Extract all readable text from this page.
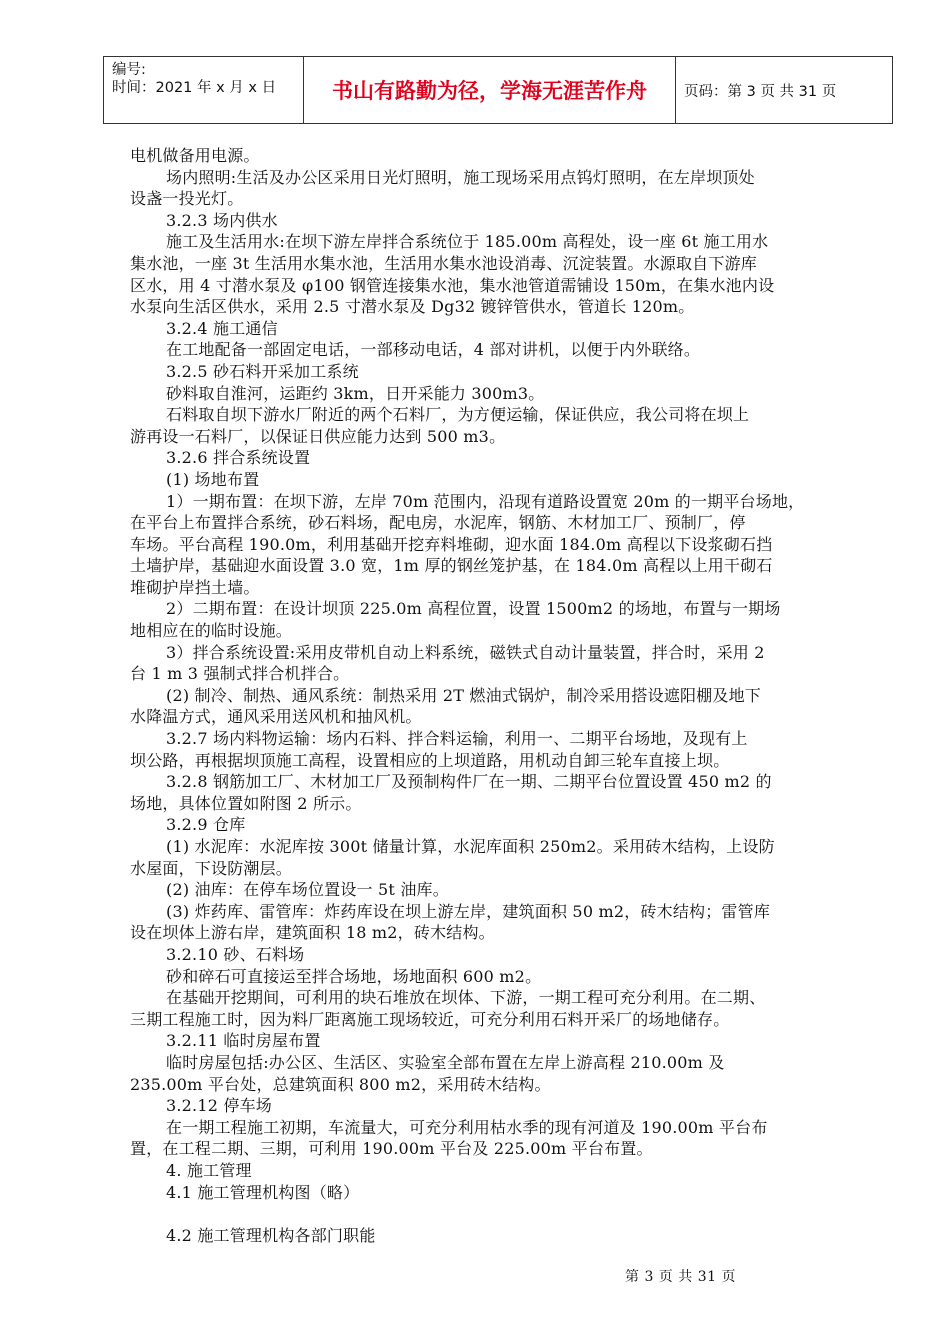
编号:
时间：2021 年 x 月 x 日	书山有路勤为径，学海无涯苦作舟	页码：第 3 页 共 31 页

电机做备用电源。

场内照明:生活及办公区采用日光灯照明，施工现场采用点钨灯照明，在左岸坝顶处

设盏一投光灯。

3.2.3 场内供水

施工及生活用水:在坝下游左岸拌合系统位于 185.00m 高程处，设一座 6t 施工用水

集水池，一座 3t 生活用水集水池，生活用水集水池设消毒、沉淀装置。水源取自下游库

区水，用 4 寸潜水泵及 φ100 钢管连接集水池，集水池管道需铺设 150m，在集水池内设

水泵向生活区供水，采用 2.5 寸潜水泵及 Dg32 镀锌管供水，管道长 120m。

3.2.4 施工通信

在工地配备一部固定电话，一部移动电话，4 部对讲机，以便于内外联络。

3.2.5 砂石料开采加工系统

砂料取自淮河，运距约 3km，日开采能力 300m3。

石料取自坝下游水厂附近的两个石料厂，为方便运输，保证供应，我公司将在坝上

游再设一石料厂，以保证日供应能力达到 500 m3。

3.2.6 拌合系统设置

(1) 场地布置

1）一期布置：在坝下游，左岸 70m 范围内，沿现有道路设置宽 20m 的一期平台场地，

在平台上布置拌合系统，砂石料场，配电房，水泥库，钢筋、木材加工厂、预制厂，停

车场。平台高程 190.0m，利用基础开挖弃料堆砌，迎水面 184.0m 高程以下设浆砌石挡

土墙护岸，基础迎水面设置 3.0 宽，1m 厚的钢丝笼护基，在 184.0m 高程以上用干砌石

堆砌护岸挡土墙。

2）二期布置：在设计坝顶 225.0m 高程位置，设置 1500m2 的场地，布置与一期场

地相应在的临时设施。

3）拌合系统设置:采用皮带机自动上料系统，磁铁式自动计量装置，拌合时，采用 2

台 1 m 3 强制式拌合机拌合。

(2) 制冷、制热、通风系统：制热采用 2T 燃油式锅炉，制冷采用搭设遮阳棚及地下

水降温方式，通风采用送风机和抽风机。

3.2.7 场内料物运输：场内石料、拌合料运输，利用一、二期平台场地，及现有上

坝公路，再根据坝顶施工高程，设置相应的上坝道路，用机动自卸三轮车直接上坝。

3.2.8 钢筋加工厂、木材加工厂及预制构件厂在一期、二期平台位置设置 450 m2 的

场地，具体位置如附图 2 所示。

3.2.9 仓库

(1) 水泥库：水泥库按 300t 储量计算，水泥库面积 250m2。采用砖木结构，上设防

水屋面，下设防潮层。

(2) 油库：在停车场位置设一 5t 油库。

(3) 炸药库、雷管库：炸药库设在坝上游左岸，建筑面积 50 m2，砖木结构；雷管库

设在坝体上游右岸，建筑面积 18 m2，砖木结构。

3.2.10 砂、石料场

砂和碎石可直接运至拌合场地，场地面积 600 m2。

在基础开挖期间，可利用的块石堆放在坝体、下游，一期工程可充分利用。在二期、

三期工程施工时，因为料厂距离施工现场较近，可充分利用石料开采厂的场地储存。

3.2.11 临时房屋布置

临时房屋包括:办公区、生活区、实验室全部布置在左岸上游高程 210.00m 及

235.00m 平台处，总建筑面积 800 m2，采用砖木结构。

3.2.12 停车场

在一期工程施工初期，车流量大，可充分利用枯水季的现有河道及 190.00m 平台布

置，在工程二期、三期，可利用 190.00m 平台及 225.00m 平台布置。

4. 施工管理

4.1 施工管理机构图（略）

4.2 施工管理机构各部门职能

第 3 页 共 31 页
